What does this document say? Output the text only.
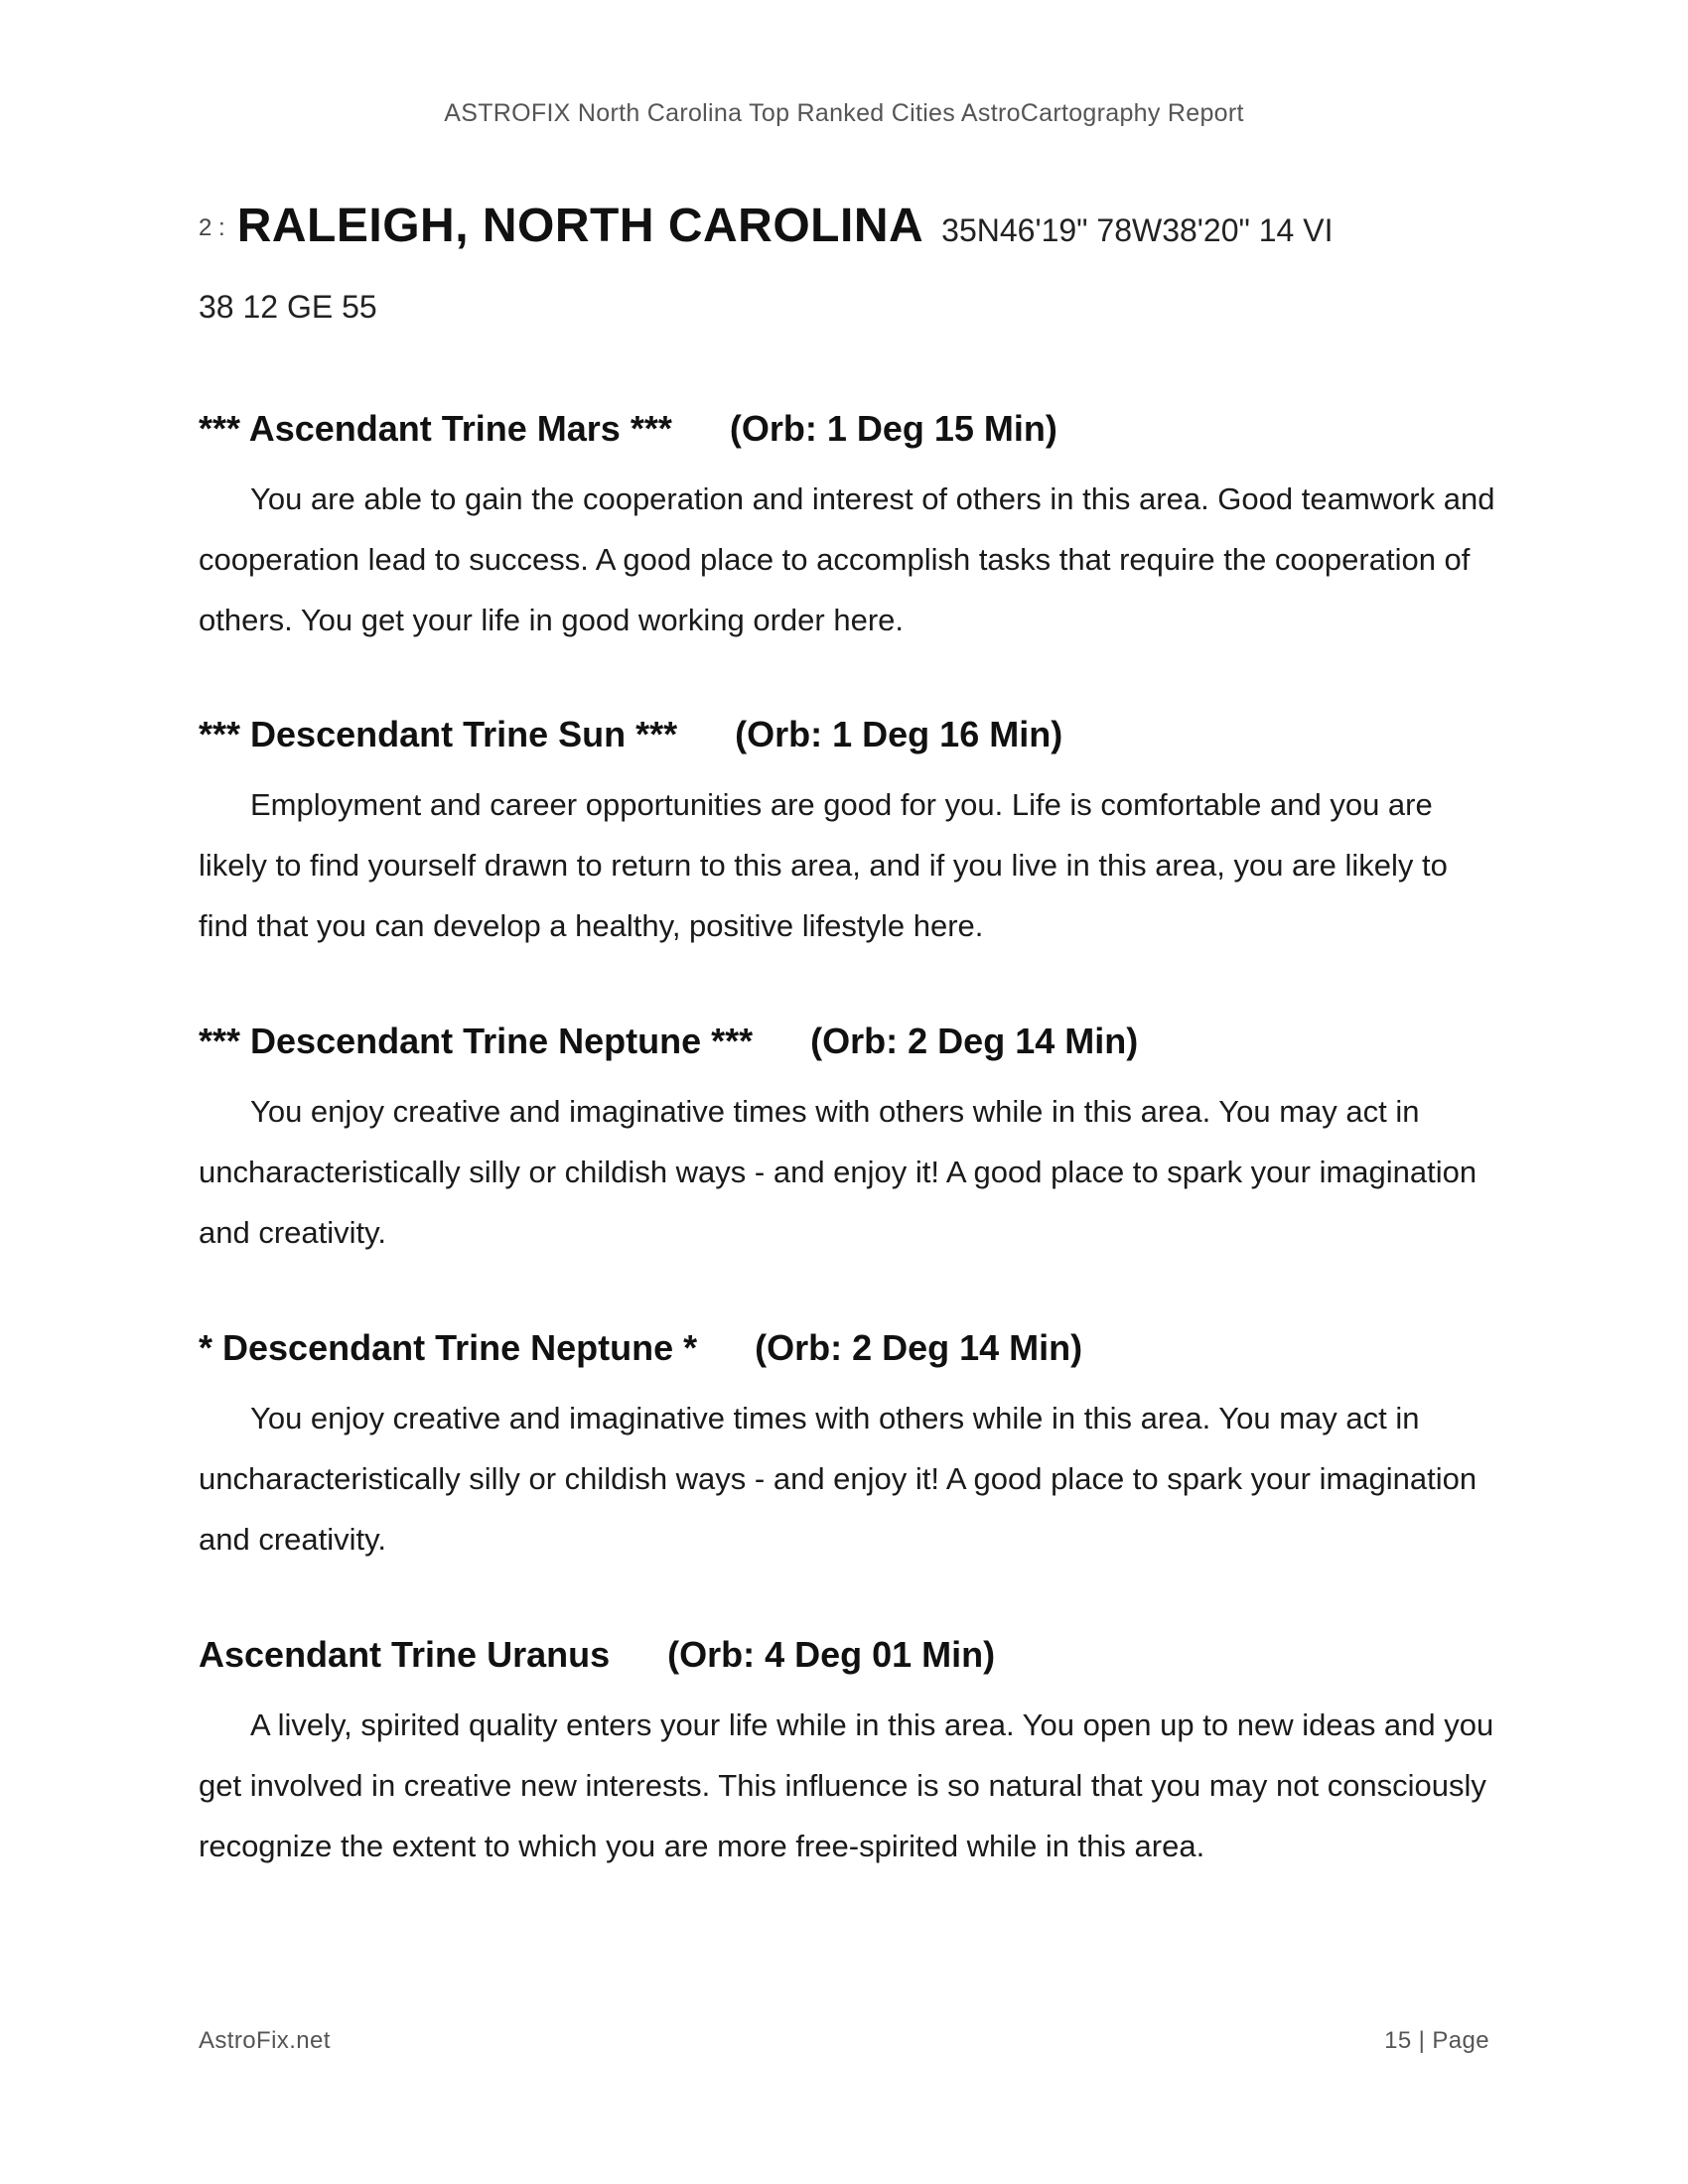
ASTROFIX North Carolina Top Ranked Cities AstroCartography Report
2 : RALEIGH, NORTH CAROLINA 35N46'19" 78W38'20" 14 VI
38 12 GE 55
*** Ascendant Trine Mars *** (Orb: 1 Deg 15 Min)
You are able to gain the cooperation and interest of others in this area. Good teamwork and cooperation lead to success. A good place to accomplish tasks that require the cooperation of others. You get your life in good working order here.
*** Descendant Trine Sun *** (Orb: 1 Deg 16 Min)
Employment and career opportunities are good for you. Life is comfortable and you are likely to find yourself drawn to return to this area, and if you live in this area, you are likely to find that you can develop a healthy, positive lifestyle here.
*** Descendant Trine Neptune *** (Orb: 2 Deg 14 Min)
You enjoy creative and imaginative times with others while in this area. You may act in uncharacteristically silly or childish ways - and enjoy it! A good place to spark your imagination and creativity.
* Descendant Trine Neptune * (Orb: 2 Deg 14 Min)
You enjoy creative and imaginative times with others while in this area. You may act in uncharacteristically silly or childish ways - and enjoy it! A good place to spark your imagination and creativity.
Ascendant Trine Uranus (Orb: 4 Deg 01 Min)
A lively, spirited quality enters your life while in this area. You open up to new ideas and you get involved in creative new interests. This influence is so natural that you may not consciously recognize the extent to which you are more free-spirited while in this area.
AstroFix.net	15 | Page
